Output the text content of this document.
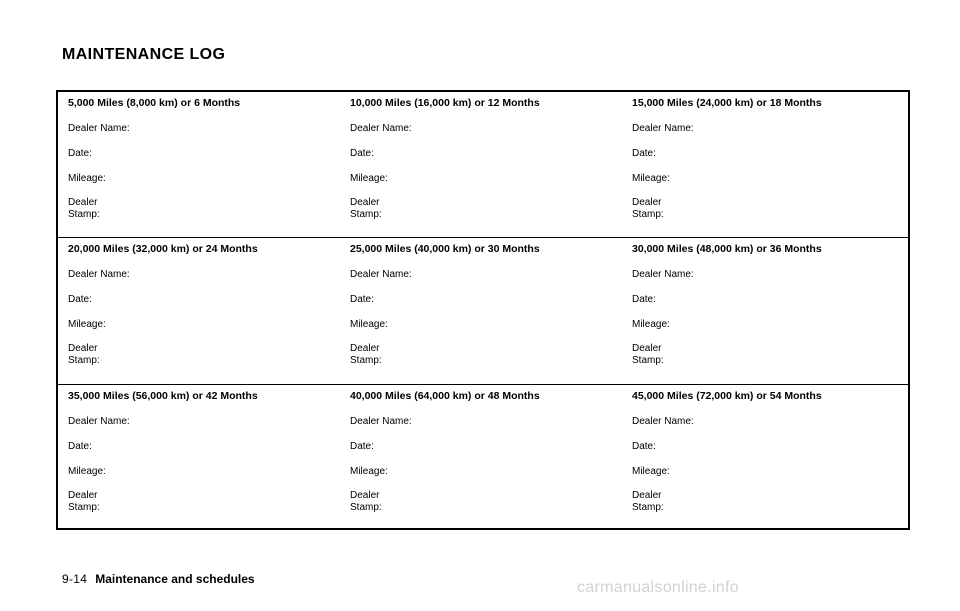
MAINTENANCE LOG
5,000 Miles (8,000 km) or 6 Months
Dealer Name:
Date:
Mileage:
Dealer
Stamp:
10,000 Miles (16,000 km) or 12 Months
Dealer Name:
Date:
Mileage:
Dealer
Stamp:
15,000 Miles (24,000 km) or 18 Months
Dealer Name:
Date:
Mileage:
Dealer
Stamp:
20,000 Miles (32,000 km) or 24 Months
Dealer Name:
Date:
Mileage:
Dealer
Stamp:
25,000 Miles (40,000 km) or 30 Months
Dealer Name:
Date:
Mileage:
Dealer
Stamp:
30,000 Miles (48,000 km) or 36 Months
Dealer Name:
Date:
Mileage:
Dealer
Stamp:
35,000 Miles (56,000 km) or 42 Months
Dealer Name:
Date:
Mileage:
Dealer
Stamp:
40,000 Miles (64,000 km) or 48 Months
Dealer Name:
Date:
Mileage:
Dealer
Stamp:
45,000 Miles (72,000 km) or 54 Months
Dealer Name:
Date:
Mileage:
Dealer
Stamp:
9-14 Maintenance and schedules	carmanualsonline.info
